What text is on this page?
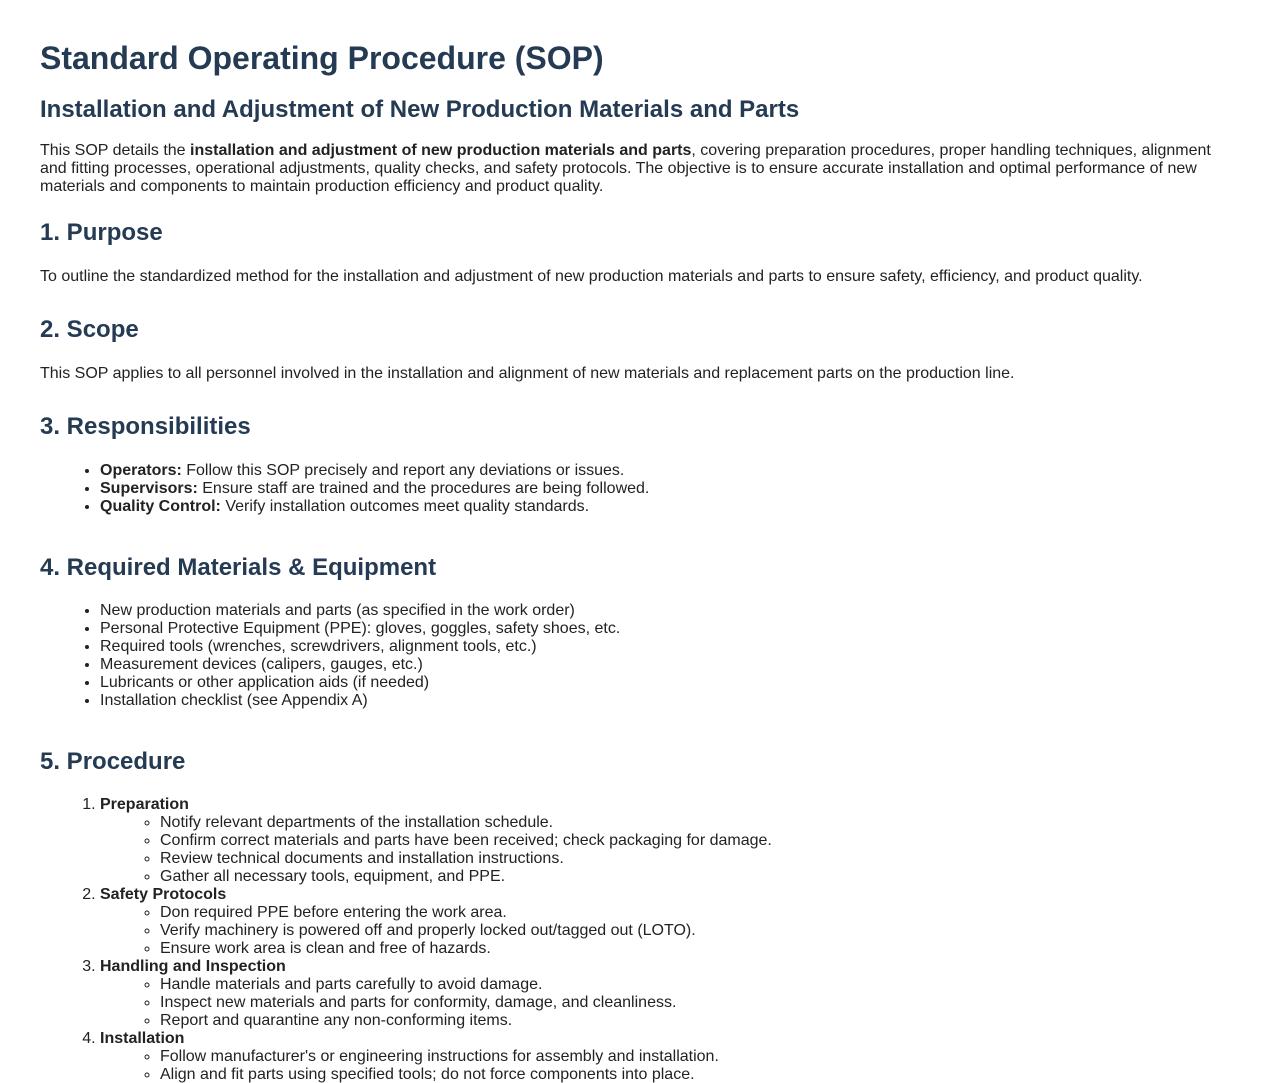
Standard Operating Procedure (SOP)
Installation and Adjustment of New Production Materials and Parts

This SOP details the installation and adjustment of new production materials and parts, covering preparation procedures, proper handling techniques, alignment and fitting processes, operational adjustments, quality checks, and safety protocols. The objective is to ensure accurate installation and optimal performance of new materials and components to maintain production efficiency and product quality.

1. Purpose

To outline the standardized method for the installation and adjustment of new production materials and parts to ensure safety, efficiency, and product quality.

2. Scope

This SOP applies to all personnel involved in the installation and alignment of new materials and replacement parts on the production line.

3. Responsibilities
• Operators: Follow this SOP precisely and report any deviations or issues.
• Supervisors: Ensure staff are trained and the procedures are being followed.
• Quality Control: Verify installation outcomes meet quality standards.
4. Required Materials & Equipment
• New production materials and parts (as specified in the work order)
• Personal Protective Equipment (PPE): gloves, goggles, safety shoes, etc.
• Required tools (wrenches, screwdrivers, alignment tools, etc.)
• Measurement devices (calipers, gauges, etc.)
• Lubricants or other application aids (if needed)
• Installation checklist (see Appendix A)
5. Procedure
1. Preparation
◦ Notify relevant departments of the installation schedule.
◦ Confirm correct materials and parts have been received; check packaging for damage.
◦ Review technical documents and installation instructions.
◦ Gather all necessary tools, equipment, and PPE.
2. Safety Protocols
◦ Don required PPE before entering the work area.
◦ Verify machinery is powered off and properly locked out/tagged out (LOTO).
◦ Ensure work area is clean and free of hazards.
3. Handling and Inspection
◦ Handle materials and parts carefully to avoid damage.
◦ Inspect new materials and parts for conformity, damage, and cleanliness.
◦ Report and quarantine any non-conforming items.
4. Installation
◦ Follow manufacturer's or engineering instructions for assembly and installation.
◦ Align and fit parts using specified tools; do not force components into place.
